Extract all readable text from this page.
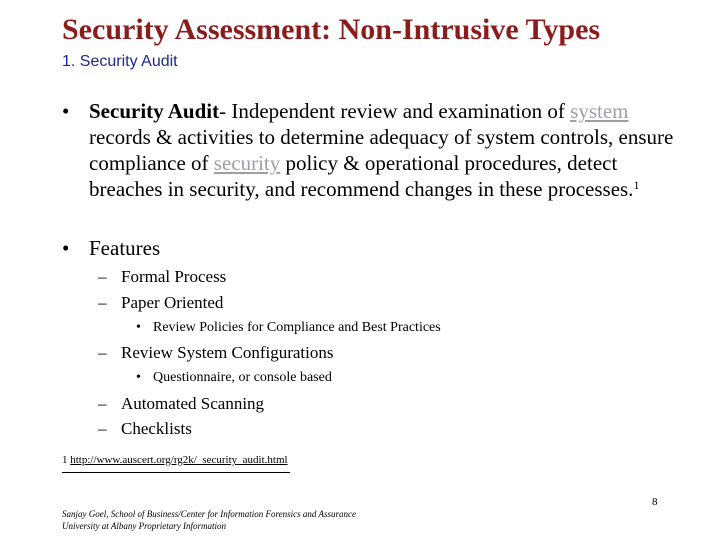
Security Assessment: Non-Intrusive Types
1. Security Audit
• Security Audit- Independent review and examination of system records & activities to determine adequacy of system controls, ensure compliance of security policy & operational procedures, detect breaches in security, and recommend changes in these processes.$^1$
• Features
– Formal Process
– Paper Oriented
• Review Policies for Compliance and Best Practices
– Review System Configurations
• Questionnaire, or console based
– Automated Scanning
– Checklists
1 http://www.auscert.org/rg2k/_security_audit.html
8
Sanjay Goel, School of Business/Center for Information Forensics and Assurance
University at Albany Proprietary Information
